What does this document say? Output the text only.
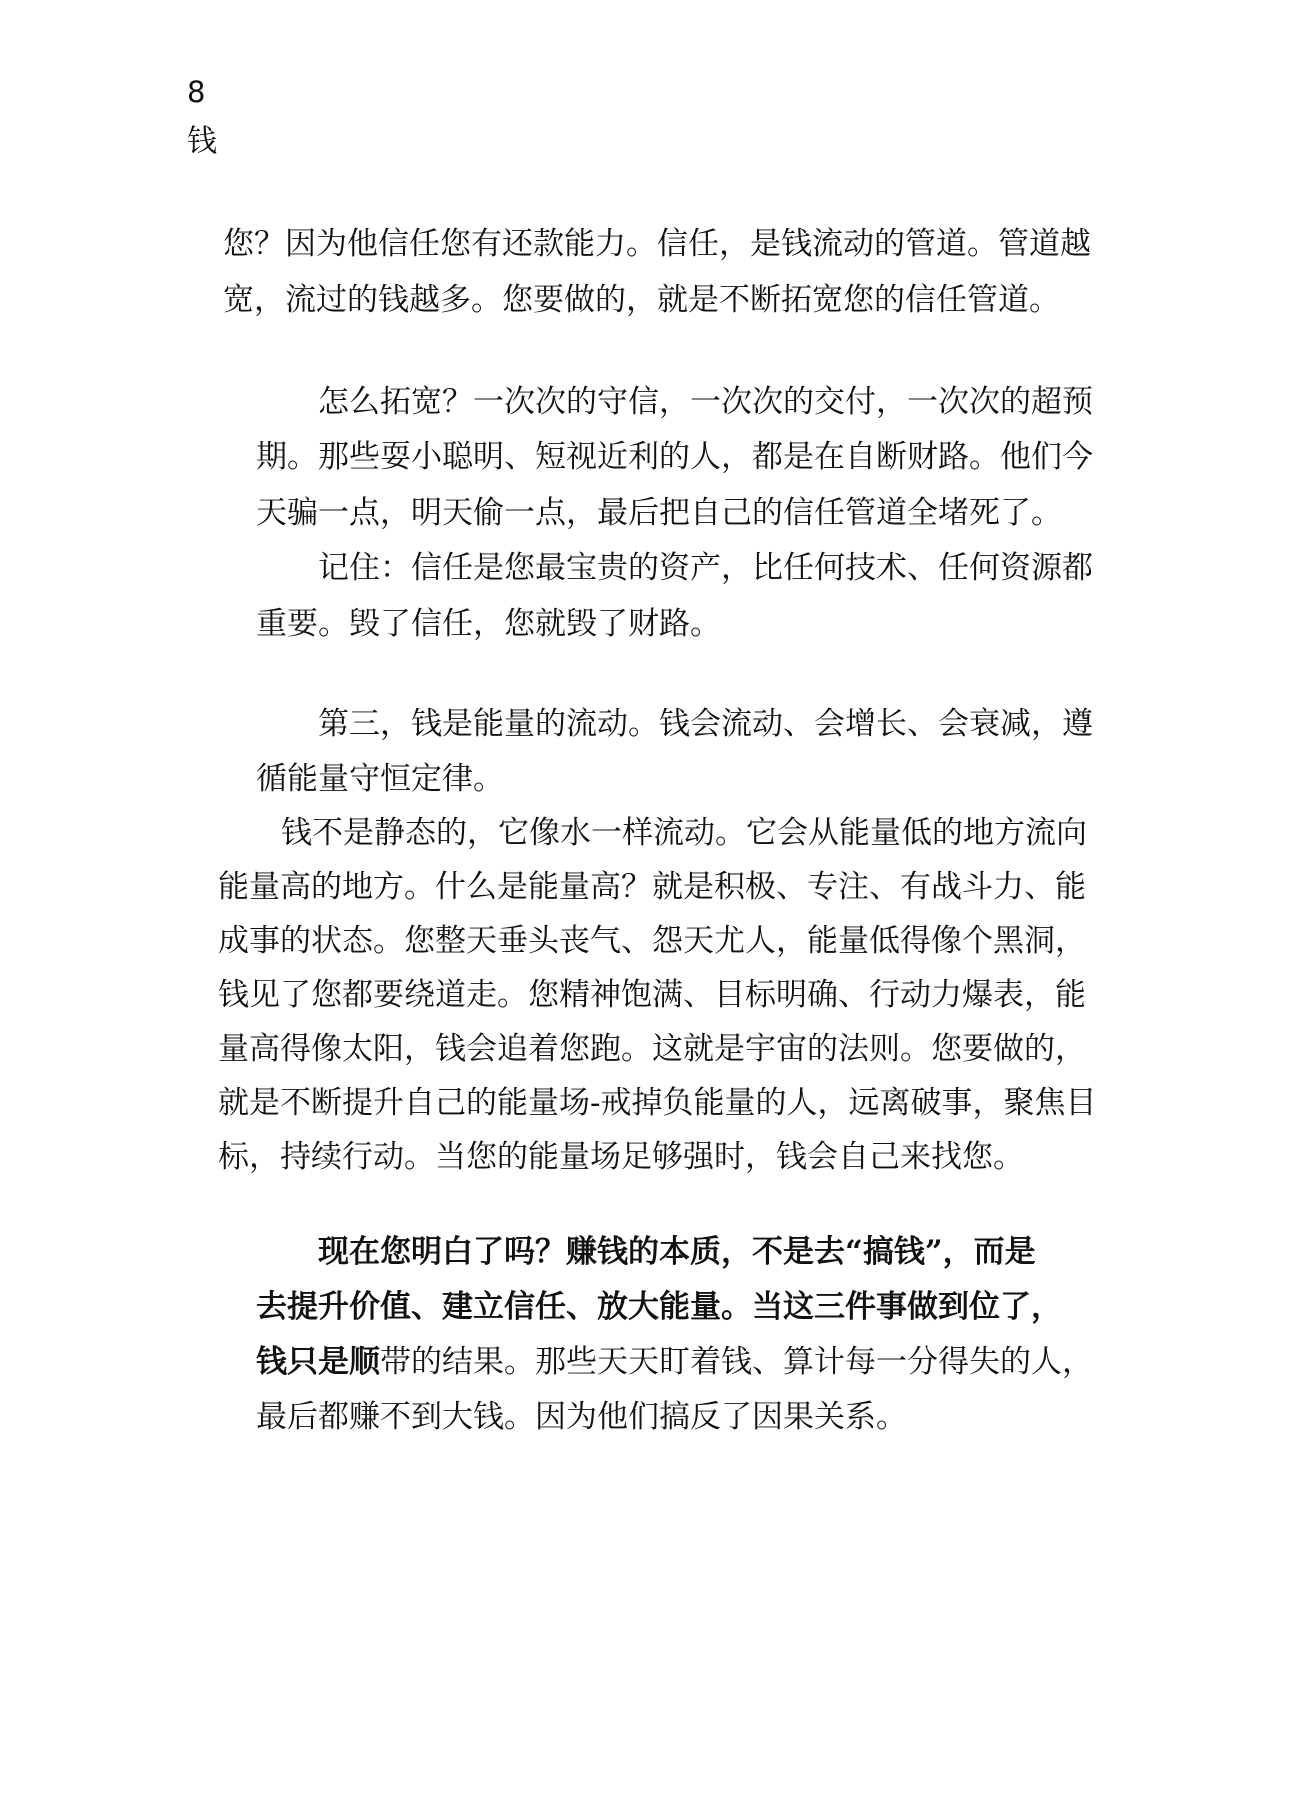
8
钱
您？因为他信任您有还款能力。信任，是钱流动的管道。管道越
宽，流过的钱越多。您要做的，就是不断拓宽您的信任管道。
怎么拓宽？一次次的守信，一次次的交付，一次次的超预
期。那些耍小聪明、短视近利的人，都是在自断财路。他们今
天骗一点，明天偷一点，最后把自己的信任管道全堵死了。
记住：信任是您最宝贵的资产，比任何技术、任何资源都
重要。毁了信任，您就毁了财路。
第三，钱是能量的流动。钱会流动、会增长、会衰减，遵
循能量守恒定律。
钱不是静态的，它像水一样流动。它会从能量低的地方流向
能量高的地方。什么是能量高？就是积极、专注、有战斗力、能
成事的状态。您整天垂头丧气、怨天尤人，能量低得像个黑洞，
钱见了您都要绕道走。您精神饱满、目标明确、行动力爆表，能
量高得像太阳，钱会追着您跑。这就是宇宙的法则。您要做的，
就是不断提升自己的能量场-戒掉负能量的人，远离破事，聚焦目
标，持续行动。当您的能量场足够强时，钱会自己来找您。
现在您明白了吗？赚钱的本质，不是去“搞钱”，而是
去提升价值、建立信任、放大能量。当这三件事做到位了，
钱只是顺带的结果。那些天天盯着钱、算计每一分得失的人，
最后都赚不到大钱。因为他们搞反了因果关系。
